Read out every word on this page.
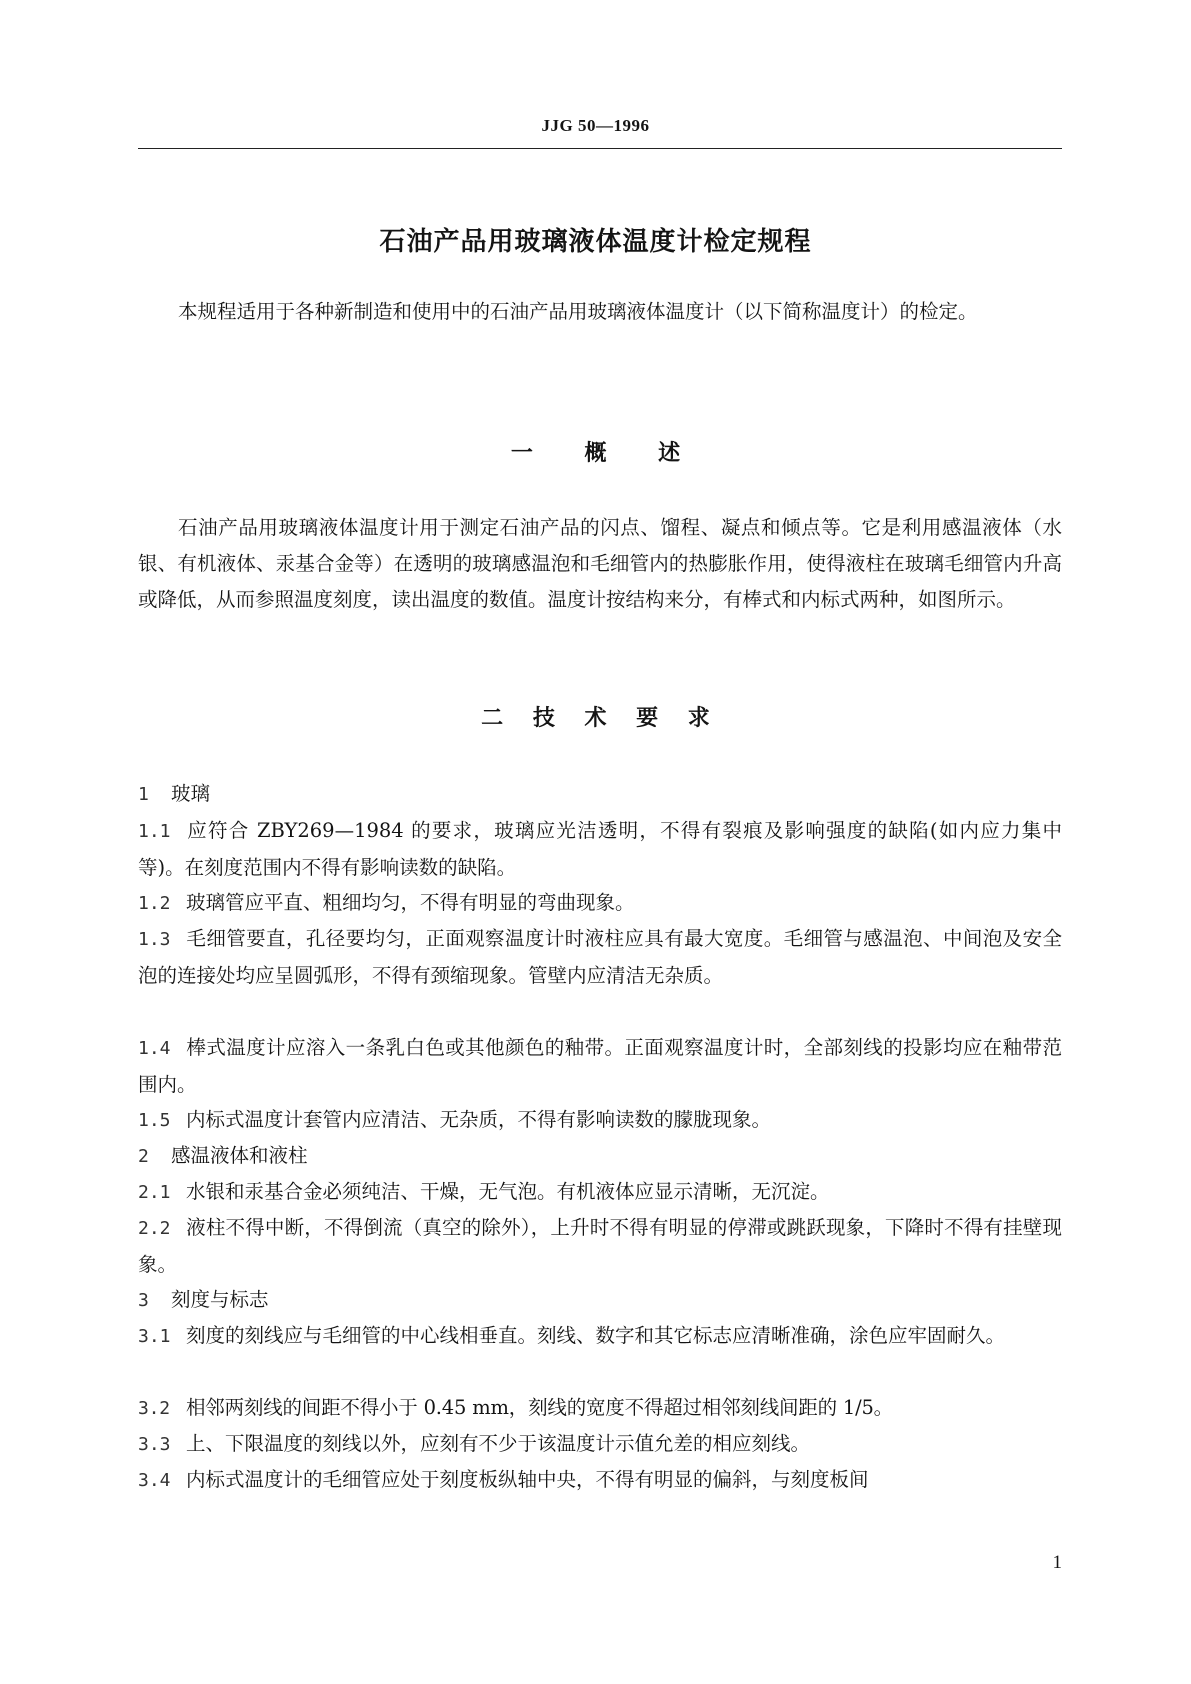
JJG 50—1996
石油产品用玻璃液体温度计检定规程

本规程适用于各种新制造和使用中的石油产品用玻璃液体温度计（以下简称温度计）的检定。

一 概 述

石油产品用玻璃液体温度计用于测定石油产品的闪点、馏程、凝点和倾点等。它是利用感温液体（水银、有机液体、汞基合金等）在透明的玻璃感温泡和毛细管内的热膨胀作用，使得液柱在玻璃毛细管内升高或降低，从而参照温度刻度，读出温度的数值。温度计按结构来分，有棒式和内标式两种，如图所示。

二 技 术 要 求

1 玻璃

1.1 应符合 ZBY269—1984 的要求，玻璃应光洁透明，不得有裂痕及影响强度的缺陷(如内应力集中等)。在刻度范围内不得有影响读数的缺陷。

1.2 玻璃管应平直、粗细均匀，不得有明显的弯曲现象。

1.3 毛细管要直，孔径要均匀，正面观察温度计时液柱应具有最大宽度。毛细管与感温泡、中间泡及安全泡的连接处均应呈圆弧形，不得有颈缩现象。管壁内应清洁无杂质。

1.4 棒式温度计应溶入一条乳白色或其他颜色的釉带。正面观察温度计时，全部刻线的投影均应在釉带范围内。

1.5 内标式温度计套管内应清洁、无杂质，不得有影响读数的朦胧现象。

2 感温液体和液柱

2.1 水银和汞基合金必须纯洁、干燥，无气泡。有机液体应显示清晰，无沉淀。

2.2 液柱不得中断，不得倒流（真空的除外），上升时不得有明显的停滞或跳跃现象，下降时不得有挂壁现象。

3 刻度与标志

3.1 刻度的刻线应与毛细管的中心线相垂直。刻线、数字和其它标志应清晰准确，涂色应牢固耐久。

3.2 相邻两刻线的间距不得小于 0.45 mm，刻线的宽度不得超过相邻刻线间距的 1/5。

3.3 上、下限温度的刻线以外，应刻有不少于该温度计示值允差的相应刻线。

3.4 内标式温度计的毛细管应处于刻度板纵轴中央，不得有明显的偏斜，与刻度板间

1
